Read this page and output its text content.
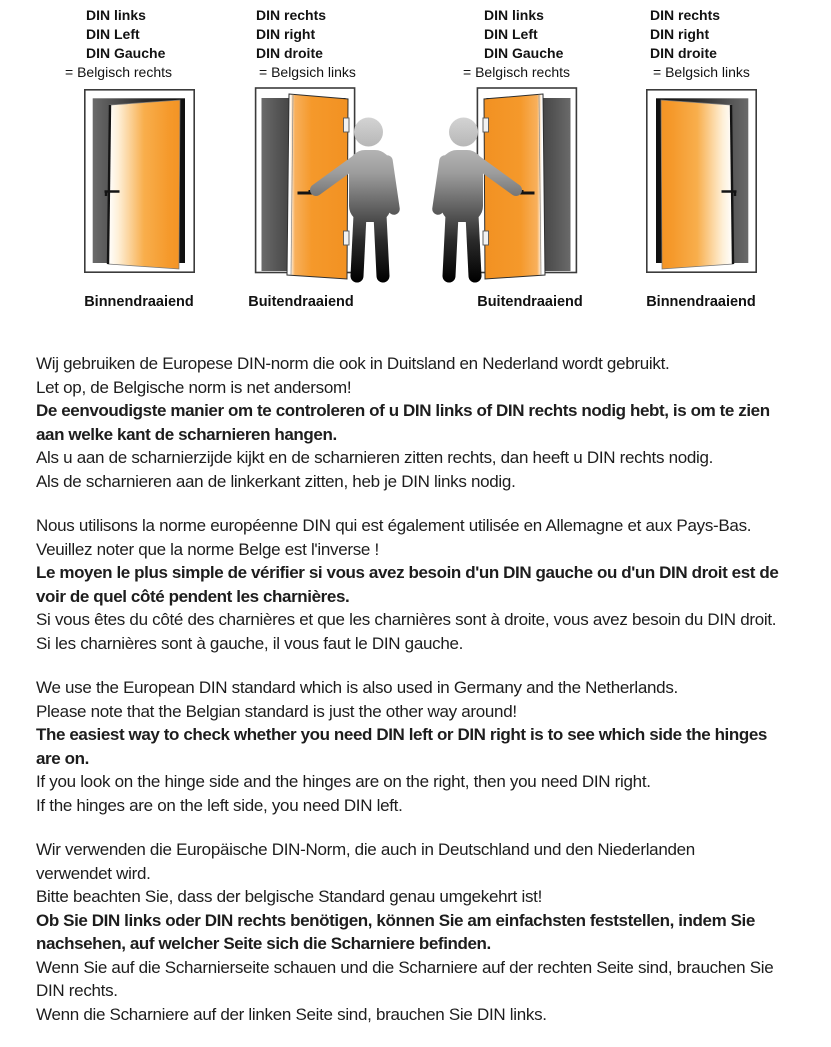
DIN links
DIN Left
DIN Gauche
= Belgisch rechts
DIN rechts
DIN right
DIN droite
= Belgsich links
DIN links
DIN Left
DIN Gauche
= Belgisch rechts
DIN rechts
DIN right
DIN droite
= Belgsich links
Binnendraaiend	Buitendraaiend	Buitendraaiend	Binnendraaiend
Wij gebruiken de Europese DIN-norm die ook in Duitsland en Nederland wordt gebruikt.
Let op, de Belgische norm is net andersom!
De eenvoudigste manier om te controleren of u DIN links of DIN rechts nodig hebt, is om te zien
aan welke kant de scharnieren hangen.
Als u aan de scharnierzijde kijkt en de scharnieren zitten rechts, dan heeft u DIN rechts nodig.
Als de scharnieren aan de linkerkant zitten, heb je DIN links nodig.
Nous utilisons la norme européenne DIN qui est également utilisée en Allemagne et aux Pays-Bas.
Veuillez noter que la norme Belge est l'inverse !
Le moyen le plus simple de vérifier si vous avez besoin d'un DIN gauche ou d'un DIN droit est de
voir de quel côté pendent les charnières.
Si vous êtes du côté des charnières et que les charnières sont à droite, vous avez besoin du DIN droit.
Si les charnières sont à gauche, il vous faut le DIN gauche.
We use the European DIN standard which is also used in Germany and the Netherlands.
Please note that the Belgian standard is just the other way around!
The easiest way to check whether you need DIN left or DIN right is to see which side the hinges
are on.
If you look on the hinge side and the hinges are on the right, then you need DIN right.
If the hinges are on the left side, you need DIN left.
Wir verwenden die Europäische DIN-Norm, die auch in Deutschland und den Niederlanden
verwendet wird.
Bitte beachten Sie, dass der belgische Standard genau umgekehrt ist!
Ob Sie DIN links oder DIN rechts benötigen, können Sie am einfachsten feststellen, indem Sie
nachsehen, auf welcher Seite sich die Scharniere befinden.
Wenn Sie auf die Scharnierseite schauen und die Scharniere auf der rechten Seite sind, brauchen Sie
DIN rechts.
Wenn die Scharniere auf der linken Seite sind, brauchen Sie DIN links.
